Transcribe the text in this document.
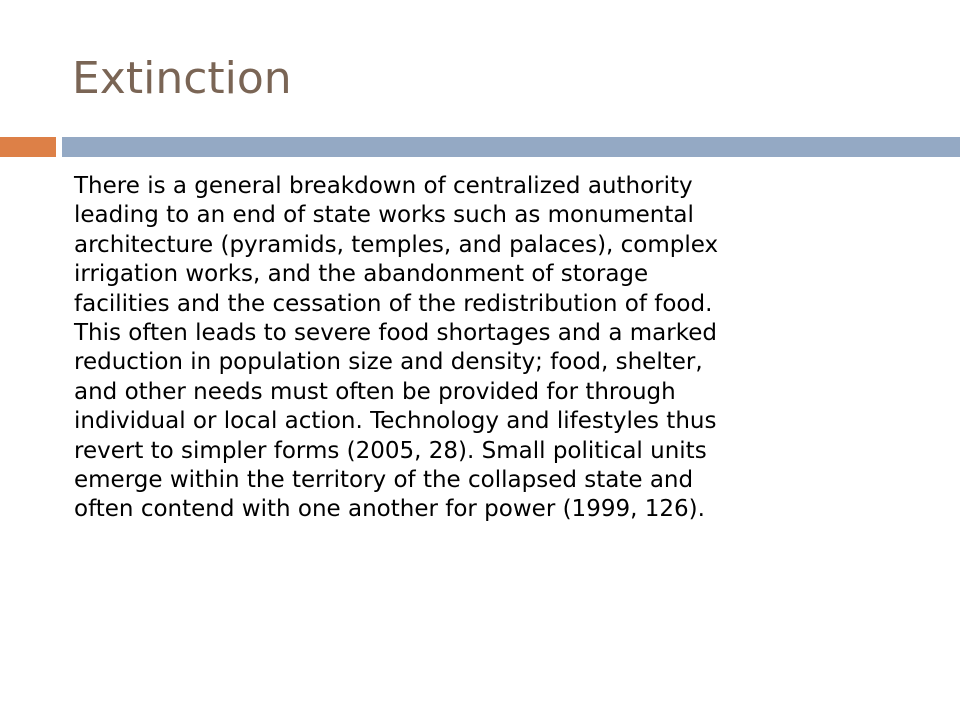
Extinction

There is a general breakdown of centralized authority
leading to an end of state works such as monumental
architecture (pyramids, temples, and palaces), complex
irrigation works, and the abandonment of storage
facilities and the cessation of the redistribution of food.
This often leads to severe food shortages and a marked
reduction in population size and density; food, shelter,
and other needs must often be provided for through
individual or local action. Technology and lifestyles thus
revert to simpler forms (2005, 28). Small political units
emerge within the territory of the collapsed state and
often contend with one another for power (1999, 126).
